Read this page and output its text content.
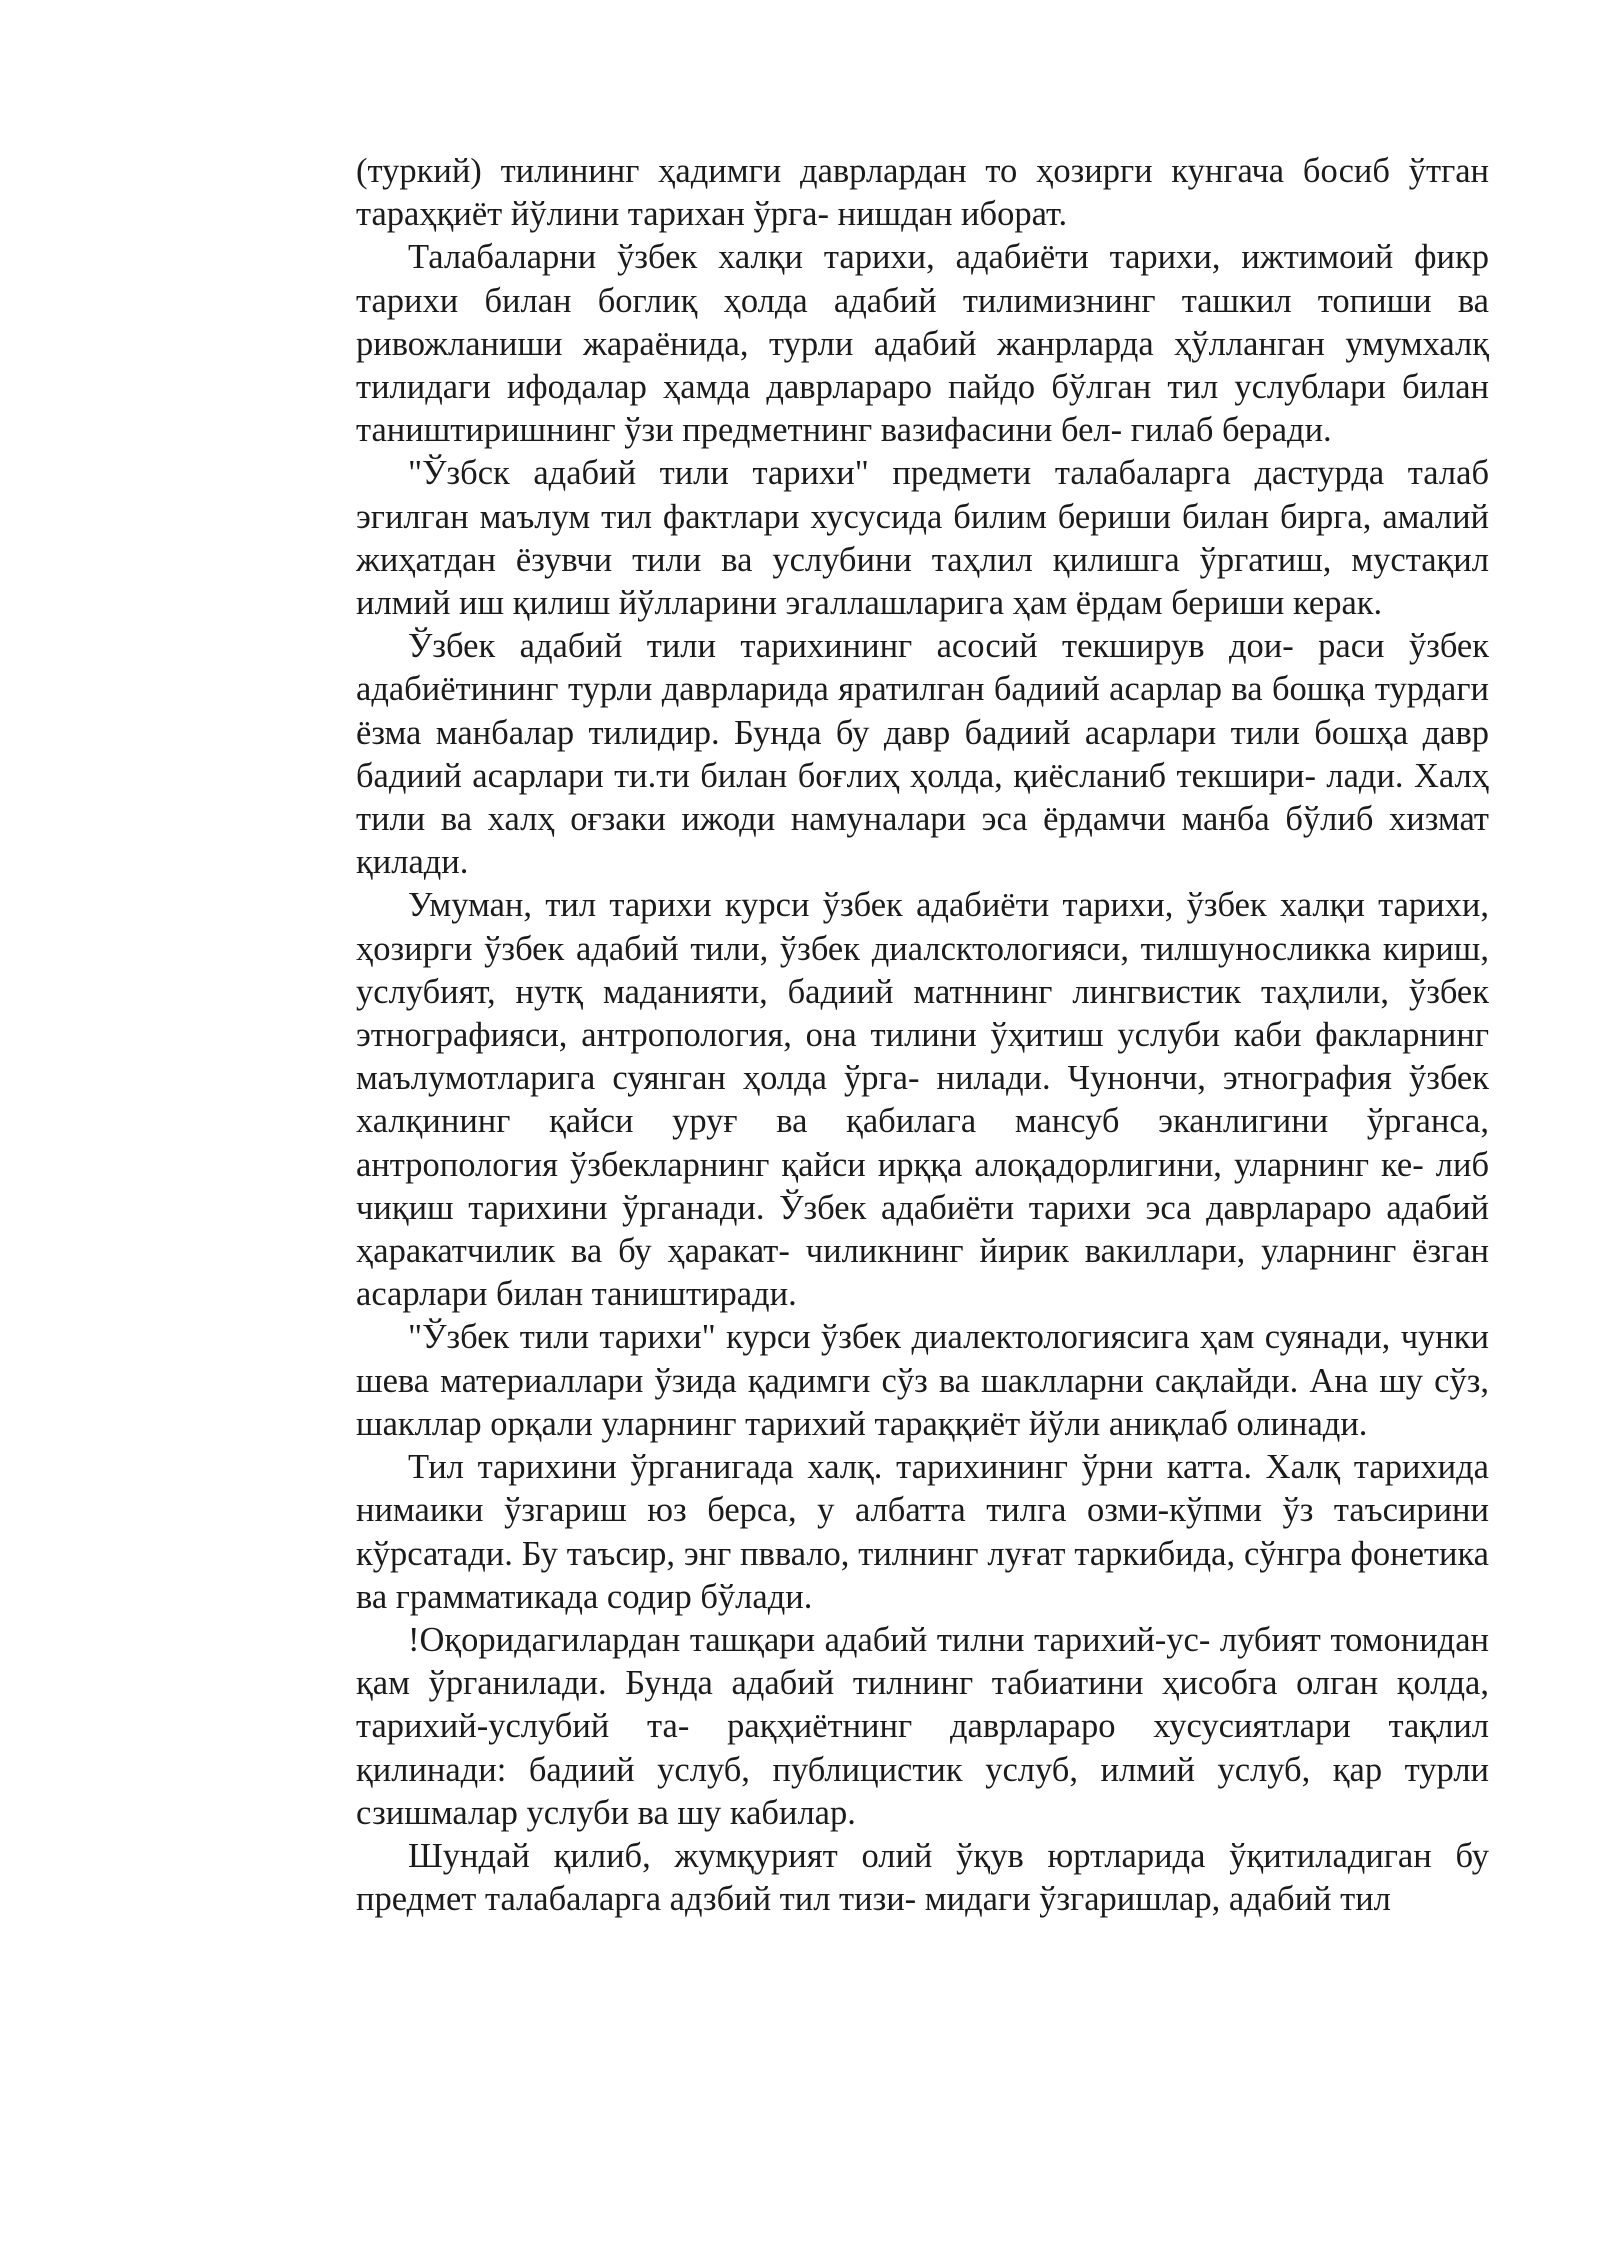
(туркий) тилининг ҳадимги даврлардан то ҳозирги кунгача босиб ўтган тараҳқиёт йўлини тарихан ўрга- нишдан иборат.

Талабаларни ўзбек халқи тарихи, адабиёти тарихи, ижтимоий фикр тарихи билан боглиқ ҳолда адабий тилимизнинг ташкил топиши ва ривожланиши жараёнида, турли адабий жанрларда ҳўлланган умумхалқ тилидаги ифодалар ҳамда даврлараро пайдо бўлган тил услублари билан таништиришнинг ўзи предметнинг вазифасини бел- гилаб беради.

"Ўзбск адабий тили тарихи" предмети талабаларга дастурда талаб эгилган маълум тил фактлари хусусида билим бериши билан бирга, амалий жиҳатдан ёзувчи тили ва услубини таҳлил қилишга ўргатиш, мустақил илмий иш қилиш йўлларини эгаллашларига ҳам ёрдам бериши керак.

Ўзбек адабий тили тарихининг асосий текширув дои- раси ўзбек адабиётининг турли даврларида яратилган бадиий асарлар ва бошқа турдаги ёзма манбалар тилидир. Бунда бу давр бадиий асарлари тили бошҳа давр бадиий асарлари ти.ти билан боғлиҳ ҳолда, қиёсланиб текшири- лади. Халҳ тили ва халҳ оғзаки ижоди намуналари эса ёрдамчи манба бўлиб хизмат қилади.

Умуман, тил тарихи курси ўзбек адабиёти тарихи, ўзбек халқи тарихи, ҳозирги ўзбек адабий тили, ўзбек диалсктологияси, тилшуносликка кириш, услубият, нутқ маданияти, бадиий матннинг лингвистик таҳлили, ўзбек этнографияси, антропология, она тилини ўҳитиш услуби каби факларнинг маълумотларига суянган ҳолда ўрга- нилади. Чунончи, этнография ўзбек халқининг қайси уруғ ва қабилага мансуб эканлигини ўрганса, антропология ўзбекларнинг қайси ирққа алоқадорлигини, уларнинг ке- либ чиқиш тарихини ўрганади. Ўзбек адабиёти тарихи эса даврлараро адабий ҳаракатчилик ва бу ҳаракат- чиликнинг йирик вакиллари, уларнинг ёзган асарлари билан таништиради.

"Ўзбек тили тарихи" курси ўзбек диалектологиясига ҳам суянади, чунки шева материаллари ўзида қадимги сўз ва шаклларни сақлайди. Ана шу сўз, шакллар орқали уларнинг тарихий тараққиёт йўли аниқлаб олинади.

Тил тарихини ўрганигада халқ. тарихининг ўрни катта. Халқ тарихида нимаики ўзгариш юз берса, у албатта тилга озми-кўпми ўз таъсирини кўрсатади. Бу таъсир, энг пввало, тилнинг луғат таркибида, сўнгра фонетика ва грамматикада содир бўлади.

!Оқоридагилардан ташқари адабий тилни тарихий-ус- лубият томонидан қам ўрганилади. Бунда адабий тилнинг табиатини ҳисобга олган қолда, тарихий-услубий та- рақҳиётнинг даврлараро хусусиятлари тақлил қилинади: бадиий услуб, публицистик услуб, илмий услуб, қар турли сзишмалар услуби ва шу кабилар.

Шундай қилиб, жумқурият олий ўқув юртларида ўқитиладиган бу предмет талабаларга адзбий тил тизи- мидаги ўзгаришлар, адабий тил
